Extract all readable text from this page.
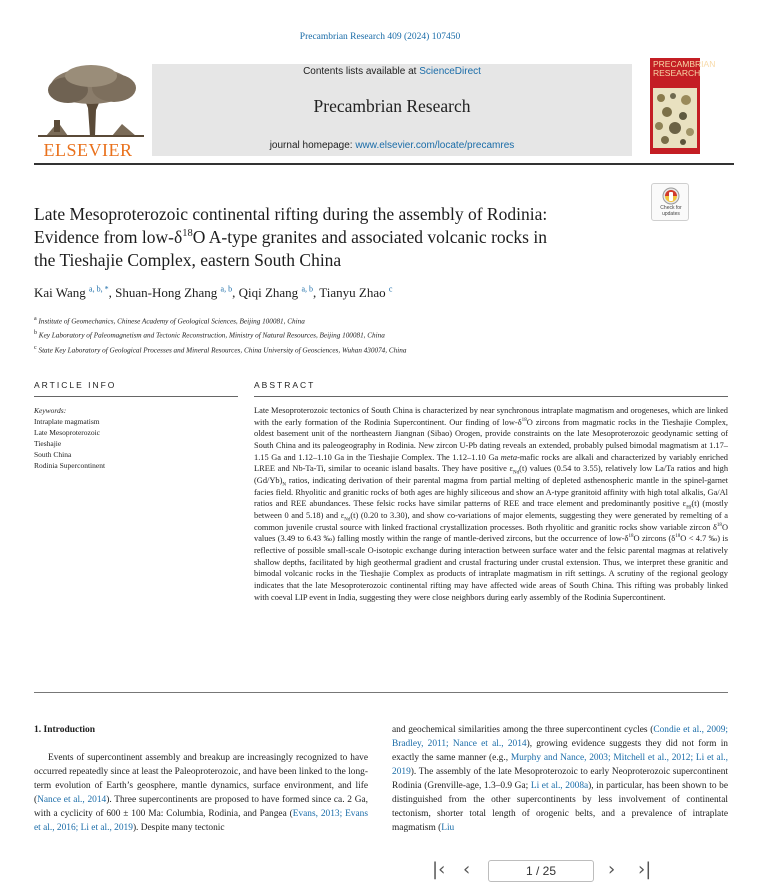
Precambrian Research 409 (2024) 107450
ELSEVIER
Contents lists available at ScienceDirect
Precambrian Research
journal homepage: www.elsevier.com/locate/precamres
PRECAMBRIAN RESEARCH
Check for updates
Late Mesoproterozoic continental rifting during the assembly of Rodinia:
Evidence from low-$\delta^{18}O$ A-type granites and associated volcanic rocks in
the Tieshajie Complex, eastern South China
Kai Wang $^{a, b, *}$, Shuan-Hong Zhang $^{a, b}$, Qiqi Zhang $^{a, b}$, Tianyu Zhao $^c$
$^a$ Institute of Geomechanics, Chinese Academy of Geological Sciences, Beijing 100081, China
$^b$ Key Laboratory of Paleomagnetism and Tectonic Reconstruction, Ministry of Natural Resources, Beijing 100081, China
$^c$ State Key Laboratory of Geological Processes and Mineral Resources, China University of Geosciences, Wuhan 430074, China
ARTICLE INFO	ABSTRACT
Keywords:
Intraplate magmatism
Late Mesoproterozoic
Tieshajie
South China
Rodinia Supercontinent
Late Mesoproterozoic tectonics of South China is characterized by near synchronous intraplate magmatism and orogeneses, which are linked with the early formation of the Rodinia Supercontinent. Our finding of low-$\delta^{18}O$ zircons from magmatic rocks in the Tieshajie Complex, oldest basement unit of the northeastern Jiangnan (Sibao) Orogen, provide constraints on the late Mesoproterozoic geodynamic setting of South China and its paleogeography in Rodinia. New zircon U-Pb dating reveals an extended, probably pulsed bimodal magmatism at 1.17–1.15 Ga and 1.12–1.10 Ga in the Tieshajie Complex. The 1.12–1.10 Ga meta-mafic rocks are alkali and characterized by variably enriched LREE and Nb-Ta-Ti, similar to oceanic island basalts. They have positive $\varepsilon_{Nd}(t)$ values (0.54 to 3.55), relatively low La/Ta ratios and high $(Gd/Yb)_N$ ratios, indicating derivation of their parental magma from partial melting of depleted asthenospheric mantle in the spinel-garnet facies field. Rhyolitic and granitic rocks of both ages are highly siliceous and show an A-type granitoid affinity with high total alkalis, Ga/Al ratios and REE abundances. These felsic rocks have similar patterns of REE and trace element and predominantly positive $\varepsilon_{Hf}(t)$ (mostly between 0 and 5.18) and $\varepsilon_{Nd}(t)$ (0.20 to 3.30), and show co-variations of major elements, suggesting they were generated by remelting of a common juvenile crustal source with linked fractional crystallization processes. Both rhyolitic and granitic rocks show variable zircon $\delta^{18}O$ values (3.49 to 6.43 ‰) falling mostly within the range of mantle-derived zircons, but the occurrence of low-$\delta^{18}O$ zircons ($\delta^{18}O < 4.7$ ‰) is reflective of possible small-scale O-isotopic exchange during interaction between surface water and the felsic parental magmas at relatively shallow depths, facilitated by high geothermal gradient and crustal fracturing under crustal extension. Thus, we interpret these granitic and bimodal volcanic rocks in the Tieshajie Complex as products of intraplate magmatism in rift settings. A scrutiny of the regional geology indicates that the late Mesoproterozoic continental rifting may have affected wide areas of South China. This rifting was probably linked with coeval LIP event in India, suggesting they were close neighbors during early assembly of the Rodinia Supercontinent.
1. Introduction
Events of supercontinent assembly and breakup are increasingly recognized to have occurred repeatedly since at least the Paleoproterozoic, and have been linked to the long-term evolution of Earth’s geosphere, mantle dynamics, surface environment, and life (Nance et al., 2014). Three supercontinents are proposed to have formed since ca. 2 Ga, with a cyclicity of 600 ± 100 Ma: Columbia, Rodinia, and Pangea (Evans, 2013; Evans et al., 2016; Li et al., 2019). Despite many tectonic
and geochemical similarities among the three supercontinent cycles (Condie et al., 2009; Bradley, 2011; Nance et al., 2014), growing evidence suggests they did not form in exactly the same manner (e.g., Murphy and Nance, 2003; Mitchell et al., 2012; Li et al., 2019). The assembly of the late Mesoproterozoic to early Neoproterozoic supercontinent Rodinia (Grenville-age, 1.3–0.9 Ga; Li et al., 2008a), in particular, has been shown to be distinguished from the other supercontinents by less involvement of continental tectonism, shorter total length of orogenic belts, and a prevalence of intraplate magmatism (Liu
|‹ ‹	1 / 25	› ›|
